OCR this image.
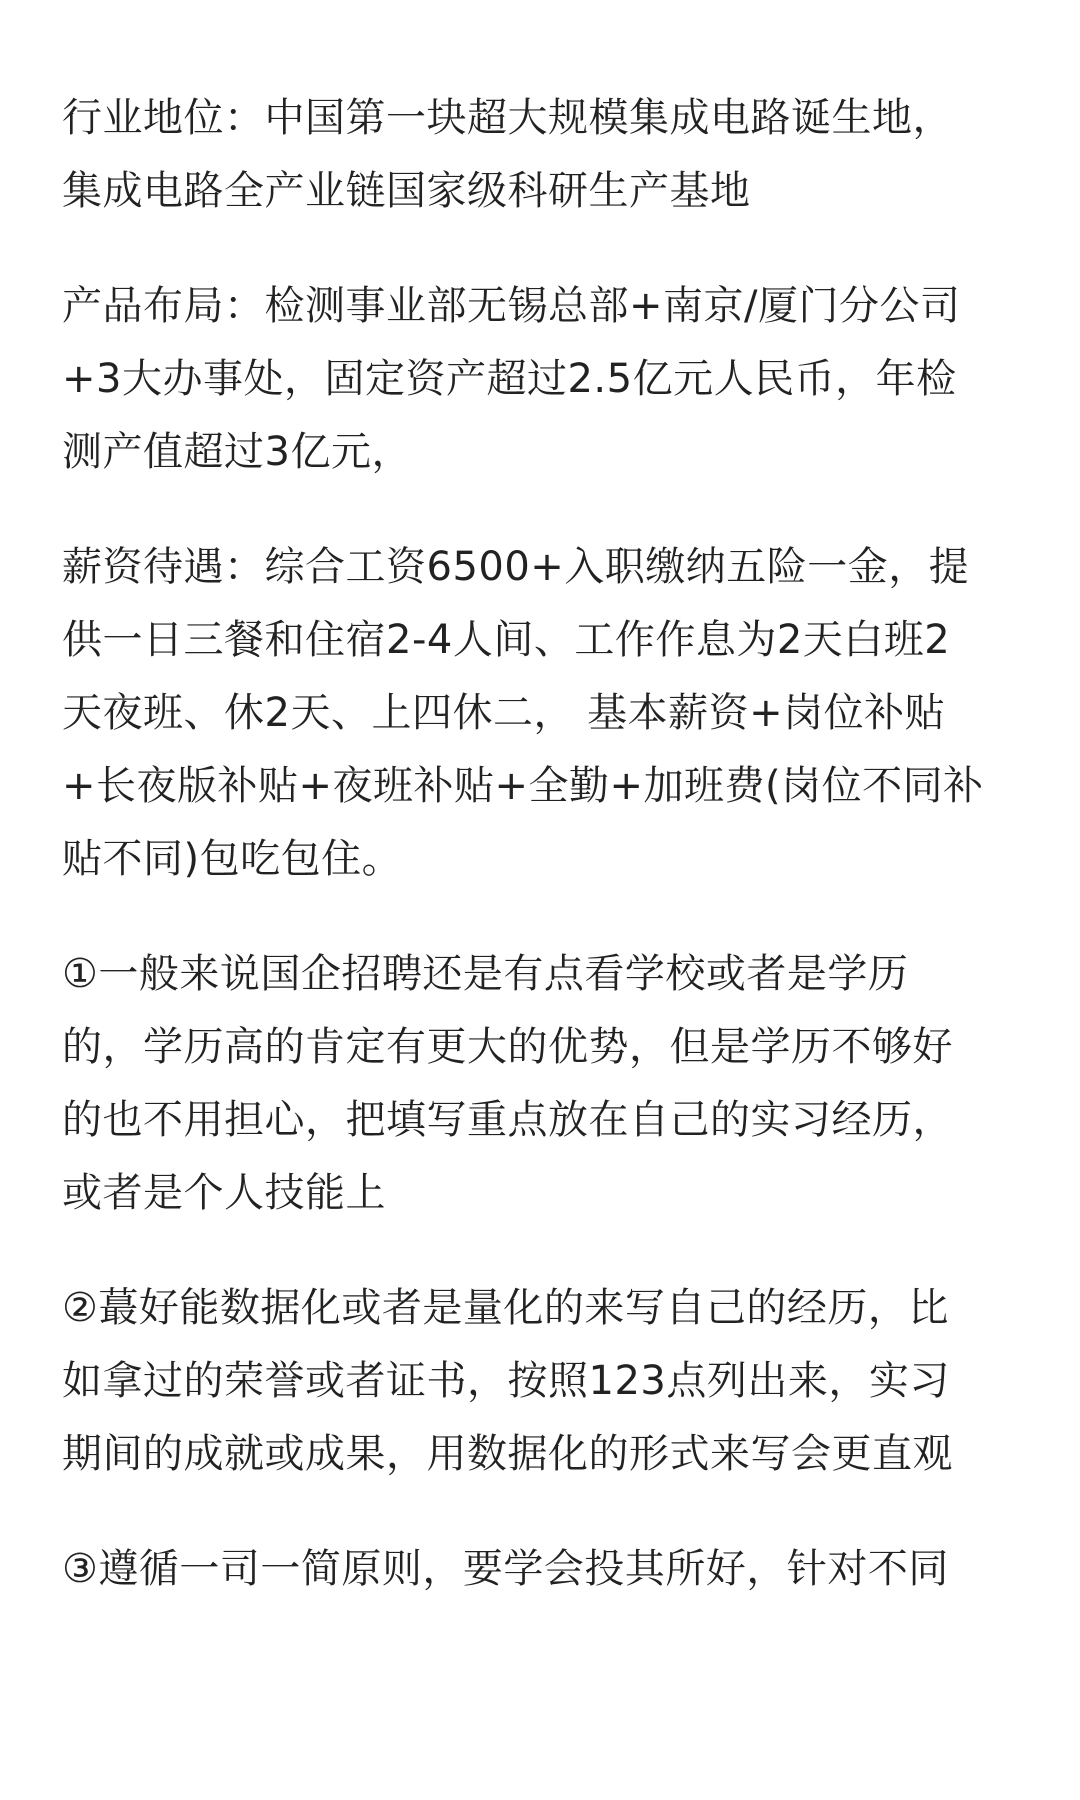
行业地位：中国第一块超大规模集成电路诞生地，
集成电路全产业链国家级科研生产基地

产品布局：检测事业部无锡总部+南京/厦门分公司
+3大办事处，固定资产超过2.5亿元人民币，年检
测产值超过3亿元，

薪资待遇：综合工资6500+入职缴纳五险一金，提
供一日三餐和住宿2-4人间、工作作息为2天白班2
天夜班、休2天、上四休二， 基本薪资+岗位补贴
+长夜版补贴+夜班补贴+全勤+加班费(岗位不同补
贴不同)包吃包住。

①一般来说国企招聘还是有点看学校或者是学历
的，学历高的肯定有更大的优势，但是学历不够好
的也不用担心，把填写重点放在自己的实习经历，
或者是个人技能上

②蕞好能数据化或者是量化的来写自己的经历，比
如拿过的荣誉或者证书，按照123点列出来，实习
期间的成就或成果，用数据化的形式来写会更直观

③遵循一司一简原则，要学会投其所好，针对不同
